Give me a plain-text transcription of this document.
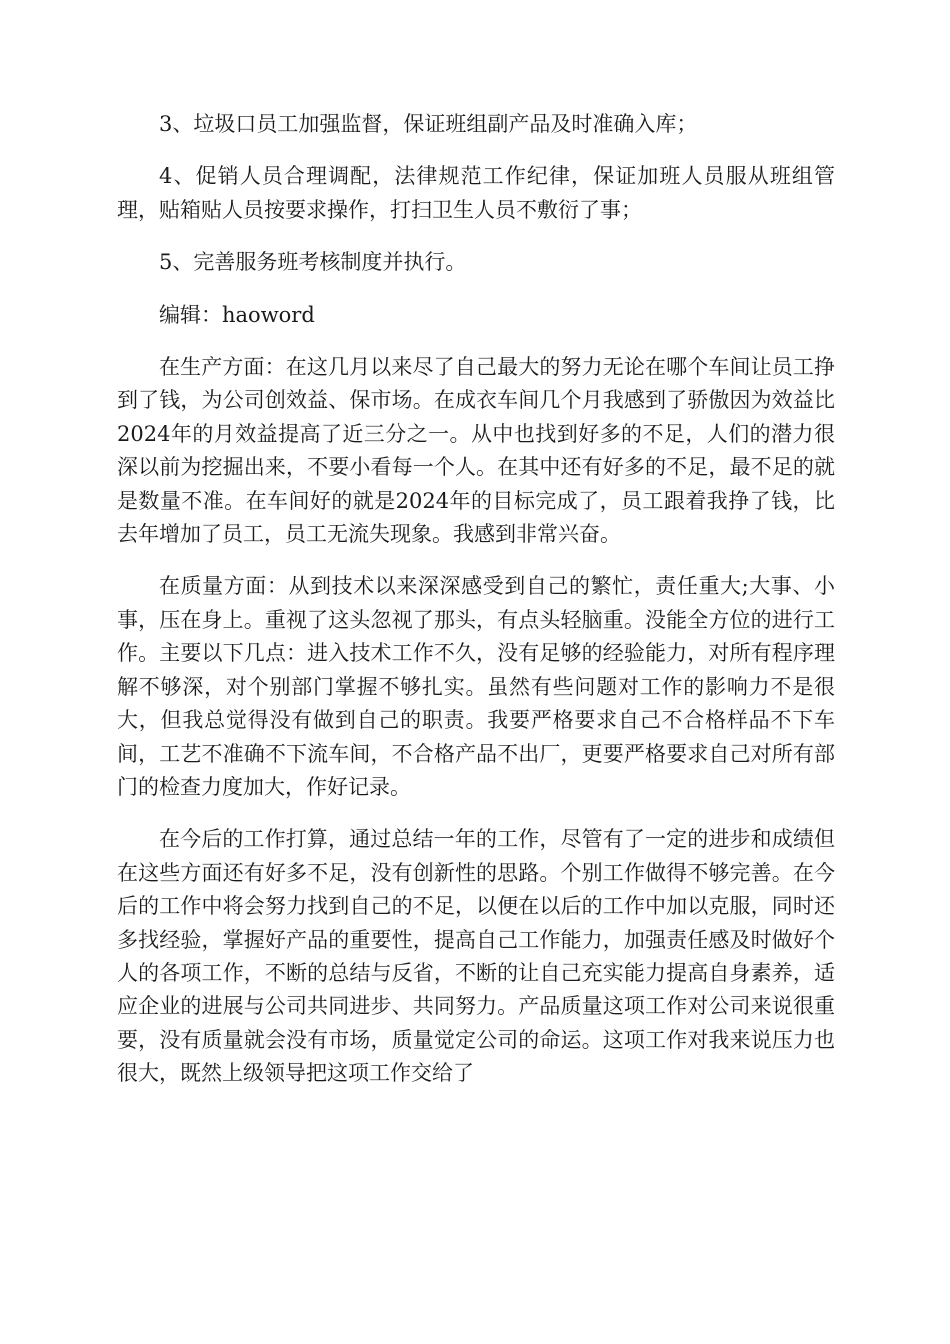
3、垃圾口员工加强监督，保证班组副产品及时准确入库；

4、促销人员合理调配，法律规范工作纪律，保证加班人员服从班组管理，贴箱贴人员按要求操作，打扫卫生人员不敷衍了事；

5、完善服务班考核制度并执行。

编辑：haoword

在生产方面：在这几月以来尽了自己最大的努力无论在哪个车间让员工挣到了钱，为公司创效益、保市场。在成衣车间几个月我感到了骄傲因为效益比2024年的月效益提高了近三分之一。从中也找到好多的不足，人们的潜力很深以前为挖掘出来，不要小看每一个人。在其中还有好多的不足，最不足的就是数量不准。在车间好的就是2024年的目标完成了，员工跟着我挣了钱，比去年增加了员工，员工无流失现象。我感到非常兴奋。

在质量方面：从到技术以来深深感受到自己的繁忙，责任重大;大事、小事，压在身上。重视了这头忽视了那头，有点头轻脑重。没能全方位的进行工作。主要以下几点：进入技术工作不久，没有足够的经验能力，对所有程序理解不够深，对个别部门掌握不够扎实。虽然有些问题对工作的影响力不是很大，但我总觉得没有做到自己的职责。我要严格要求自己不合格样品不下车间，工艺不准确不下流车间，不合格产品不出厂，更要严格要求自己对所有部门的检查力度加大，作好记录。

在今后的工作打算，通过总结一年的工作，尽管有了一定的进步和成绩但在这些方面还有好多不足，没有创新性的思路。个别工作做得不够完善。在今后的工作中将会努力找到自己的不足，以便在以后的工作中加以克服，同时还多找经验，掌握好产品的重要性，提高自己工作能力，加强责任感及时做好个人的各项工作，不断的总结与反省，不断的让自己充实能力提高自身素养，适应企业的进展与公司共同进步、共同努力。产品质量这项工作对公司来说很重要，没有质量就会没有市场，质量觉定公司的命运。这项工作对我来说压力也很大，既然上级领导把这项工作交给了
